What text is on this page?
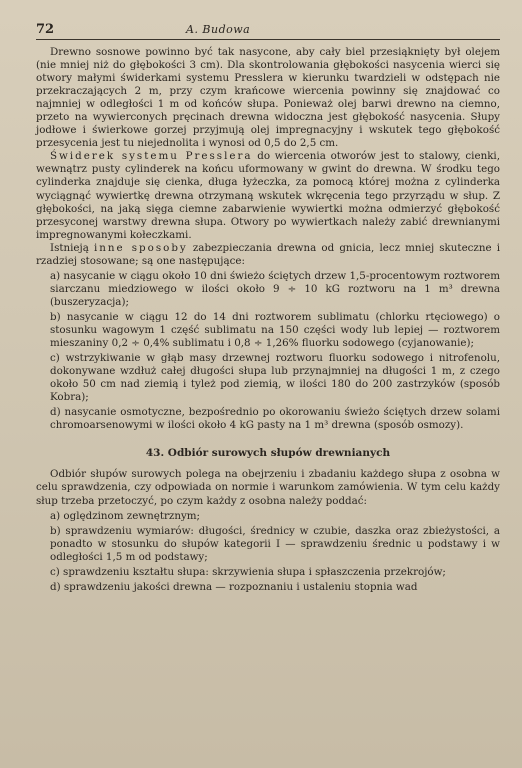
72	A. Budowa

Drewno sosnowe powinno być tak nasycone, aby cały biel przesiąknięty był olejem (nie mniej niż do głębokości 3 cm). Dla skontrolowania głębokości nasycenia wierci się otwory małymi świderkami systemu Presslera w kierunku twardzieli w odstępach nie przekraczających 2 m, przy czym krańcowe wiercenia powinny się znajdować co najmniej w odległości 1 m od końców słupa. Ponieważ olej barwi drewno na ciemno, przeto na wywierconych pręcinach drewna widoczna jest głębokość nasycenia. Słupy jodłowe i świerkowe gorzej przyjmują olej impregnacyjny i wskutek tego głębokość przesycenia jest tu niejednolita i wynosi od 0,5 do 2,5 cm.

Świderek systemu Presslera do wiercenia otworów jest to stalowy, cienki, wewnątrz pusty cylinderek na końcu uformowany w gwint do drewna. W środku tego cylinderka znajduje się cienka, długa łyżeczka, za pomocą której można z cylinderka wyciągnąć wywiertkę drewna otrzymaną wskutek wkręcenia tego przyrządu w słup. Z głębokości, na jaką sięga ciemne zabarwienie wywiertki można odmierzyć głębokość przesyconej warstwy drewna słupa. Otwory po wywiertkach należy zabić drewnianymi impregnowanymi kołeczkami.

Istnieją inne sposoby zabezpieczania drewna od gnicia, lecz mniej skuteczne i rzadziej stosowane; są one następujące:

a) nasycanie w ciągu około 10 dni świeżo ściętych drzew 1,5-procentowym roztworem siarczanu miedziowego w ilości około 9 ÷ 10 kG roztworu na 1 m³ drewna (buszeryzacja);

b) nasycanie w ciągu 12 do 14 dni roztworem sublimatu (chlorku rtęciowego) o stosunku wagowym 1 część sublimatu na 150 części wody lub lepiej — roztworem mieszaniny 0,2 ÷ 0,4% sublimatu i 0,8 ÷ 1,26% fluorku sodowego (cyjanowanie);

c) wstrzykiwanie w głąb masy drzewnej roztworu fluorku sodowego i nitrofenolu, dokonywane wzdłuż całej długości słupa lub przynajmniej na długości 1 m, z czego około 50 cm nad ziemią i tyleż pod ziemią, w ilości 180 do 200 zastrzyków (sposób Kobra);

d) nasycanie osmotyczne, bezpośrednio po okorowaniu świeżo ściętych drzew solami chromoarsenowymi w ilości około 4 kG pasty na 1 m³ drewna (sposób osmozy).

43. Odbiór surowych słupów drewnianych

Odbiór słupów surowych polega na obejrzeniu i zbadaniu każdego słupa z osobna w celu sprawdzenia, czy odpowiada on normie i warunkom zamówienia. W tym celu każdy słup trzeba przetoczyć, po czym każdy z osobna należy poddać:

a) oględzinom zewnętrznym;

b) sprawdzeniu wymiarów: długości, średnicy w czubie, daszka oraz zbieżystości, a ponadto w stosunku do słupów kategorii I — sprawdzeniu średnic u podstawy i w odległości 1,5 m od podstawy;

c) sprawdzeniu kształtu słupa: skrzywienia słupa i spłaszczenia przekrojów;

d) sprawdzeniu jakości drewna — rozpoznaniu i ustaleniu stopnia wad
